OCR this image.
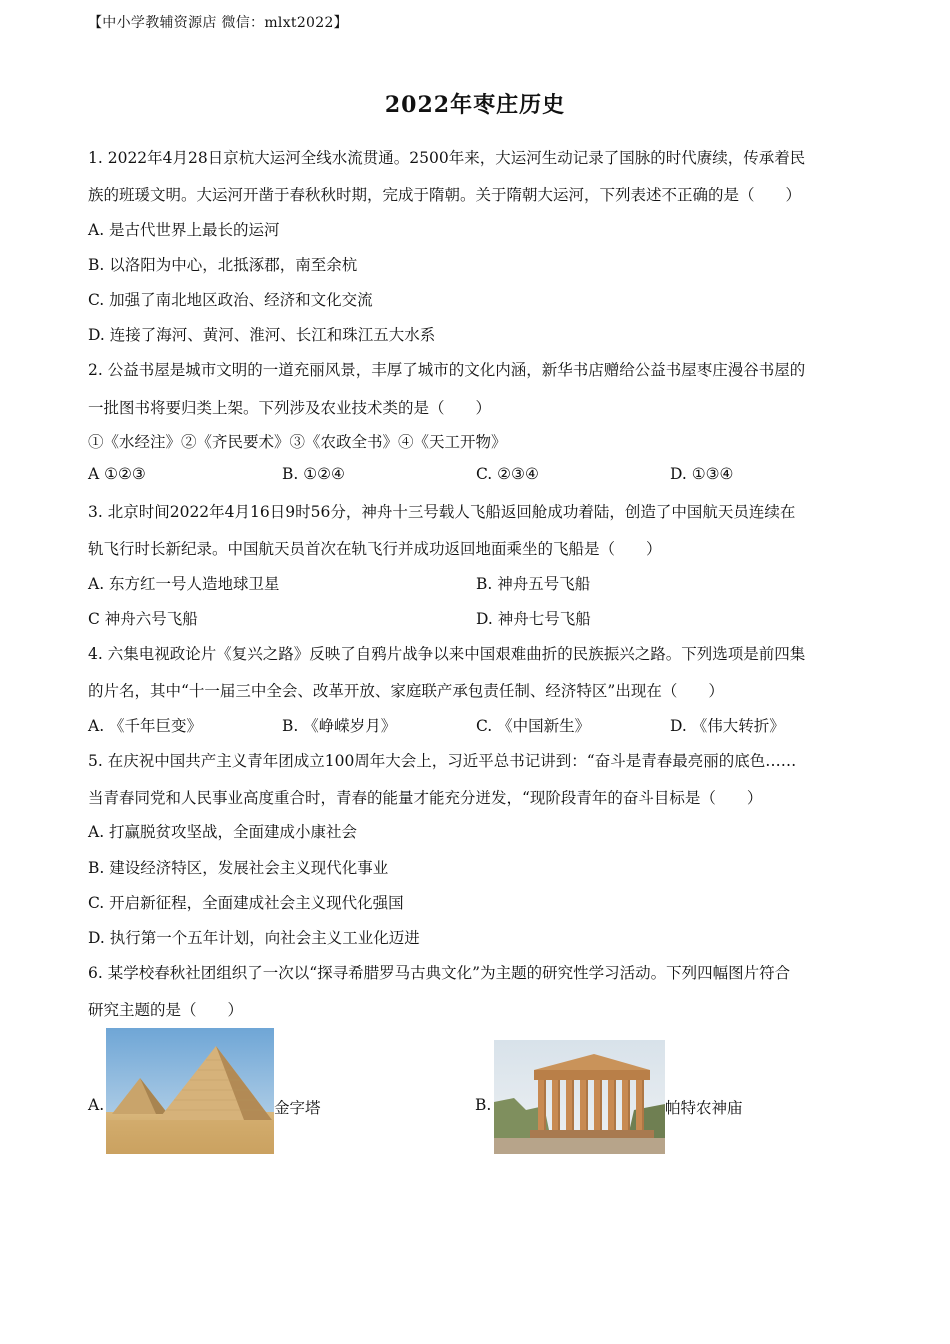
【中小学教辅资源店 微信：mlxt2022】
2022年枣庄历史
1. 2022年4月28日京杭大运河全线水流贯通。2500年来，大运河生动记录了国脉的时代赓续，传承着民
族的班瑗文明。大运河开凿于春秋秋时期，完成于隋朝。关于隋朝大运河，下列表述不正确的是（　　）
A. 是古代世界上最长的运河
B. 以洛阳为中心，北抵涿郡，南至余杭
C. 加强了南北地区政治、经济和文化交流
D. 连接了海河、黄河、淮河、长江和珠江五大水系
2. 公益书屋是城市文明的一道充丽风景，丰厚了城市的文化内涵，新华书店赠给公益书屋枣庄漫谷书屋的
一批图书将要归类上架。下列涉及农业技术类的是（　　）
①《水经注》②《齐民要术》③《农政全书》④《天工开物》
A ①②③	B. ①②④	C. ②③④	D. ①③④
3. 北京时间2022年4月16日9时56分，神舟十三号载人飞船返回舱成功着陆，创造了中国航天员连续在
轨飞行时长新纪录。中国航天员首次在轨飞行并成功返回地面乘坐的飞船是（　　）
A. 东方红一号人造地球卫星	B. 神舟五号飞船
C 神舟六号飞船	D. 神舟七号飞船
4. 六集电视政论片《复兴之路》反映了自鸦片战争以来中国艰难曲折的民族振兴之路。下列选项是前四集
的片名，其中“十一届三中全会、改革开放、家庭联产承包责任制、经济特区”出现在（　　）
A. 《千年巨变》	B. 《峥嵘岁月》	C. 《中国新生》	D. 《伟大转折》
5. 在庆祝中国共产主义青年团成立100周年大会上，习近平总书记讲到：“奋斗是青春最亮丽的底色……
当青春同党和人民事业高度重合时，青春的能量才能充分迸发，“现阶段青年的奋斗目标是（　　）
A. 打赢脱贫攻坚战，全面建成小康社会
B. 建设经济特区，发展社会主义现代化事业
C. 开启新征程，全面建成社会主义现代化强国
D. 执行第一个五年计划，向社会主义工业化迈进
6. 某学校春秋社团组织了一次以“探寻希腊罗马古典文化”为主题的研究性学习活动。下列四幅图片符合
研究主题的是（　　）
A.	金字塔	B.	帕特农神庙
